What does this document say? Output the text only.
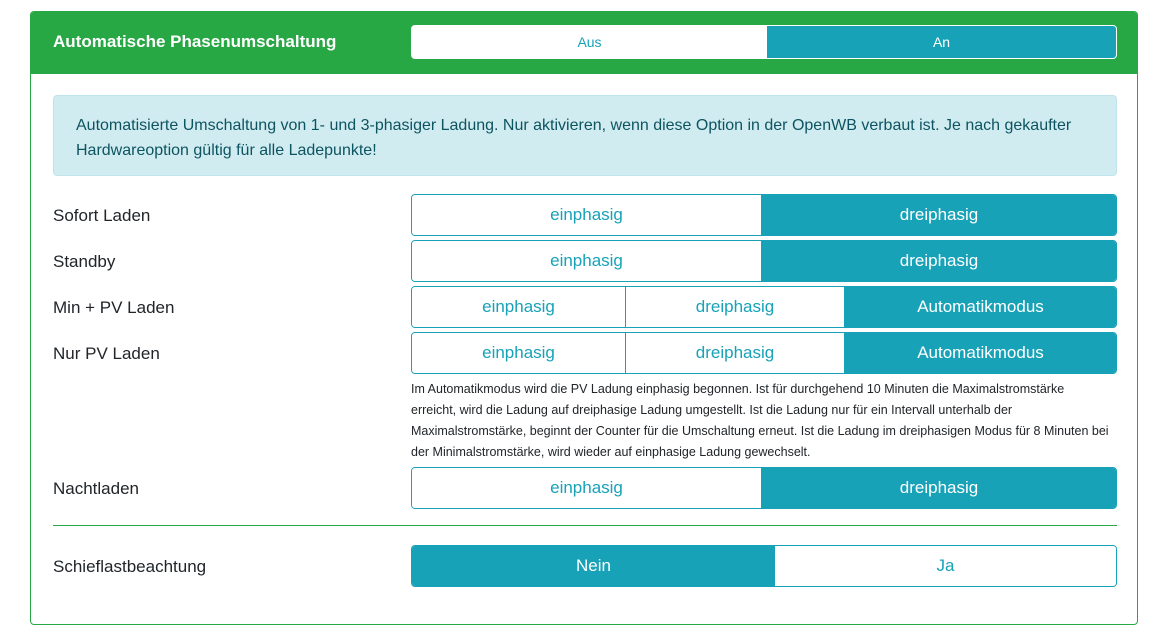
Automatische Phasenumschaltung	Aus	An
Automatisierte Umschaltung von 1- und 3-phasiger Ladung. Nur aktivieren, wenn diese Option in der OpenWB verbaut ist. Je nach gekaufter Hardwareoption gültig für alle Ladepunkte!
Sofort Laden	einphasig	dreiphasig
Standby	einphasig	dreiphasig
Min + PV Laden	einphasig	dreiphasig	Automatikmodus
Nur PV Laden	einphasig	dreiphasig	Automatikmodus
Im Automatikmodus wird die PV Ladung einphasig begonnen. Ist für durchgehend 10 Minuten die Maximalstromstärke erreicht, wird die Ladung auf dreiphasige Ladung umgestellt. Ist die Ladung nur für ein Intervall unterhalb der Maximalstromstärke, beginnt der Counter für die Umschaltung erneut. Ist die Ladung im dreiphasigen Modus für 8 Minuten bei der Minimalstromstärke, wird wieder auf einphasige Ladung gewechselt.
Nachtladen	einphasig	dreiphasig
Schieflastbeachtung	Nein	Ja
